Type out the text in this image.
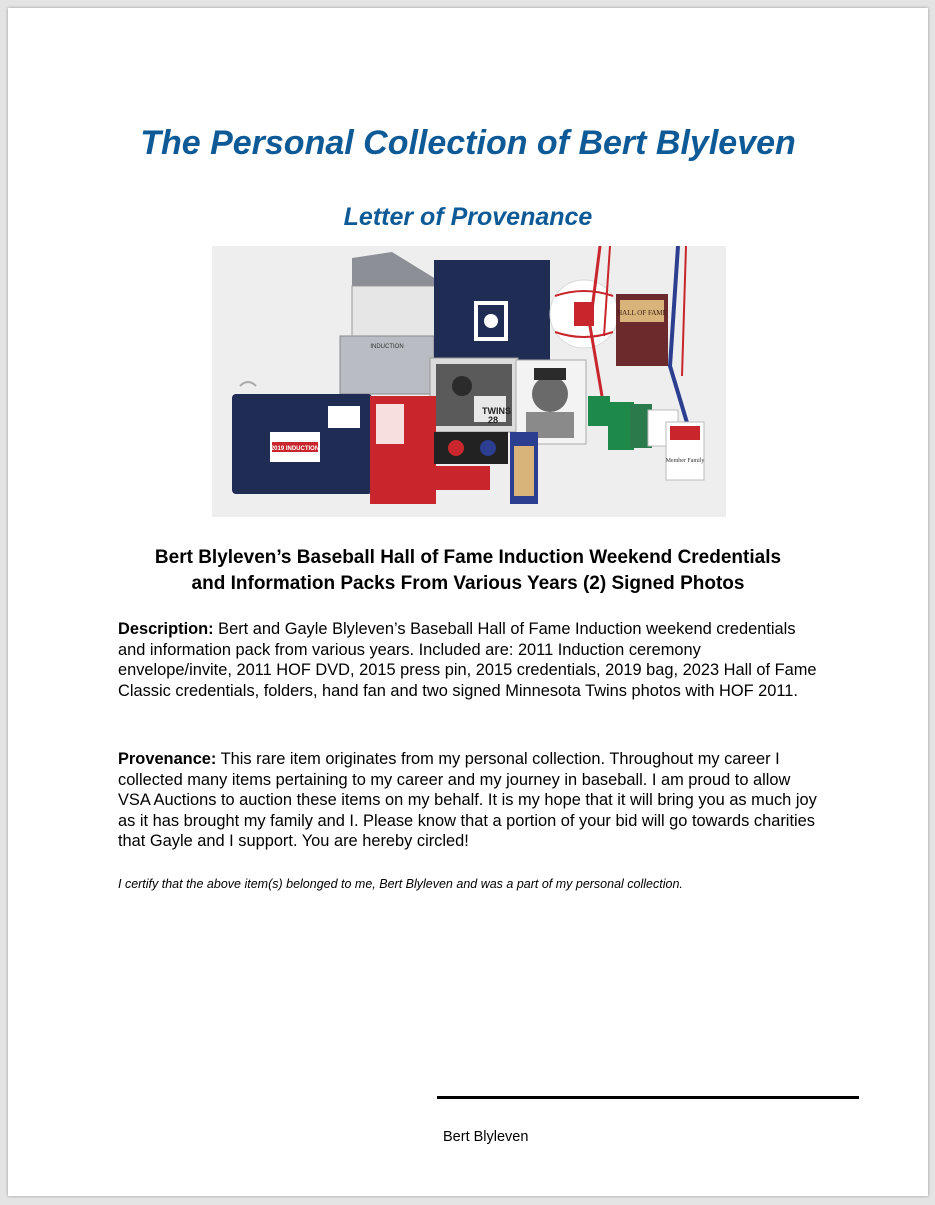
The Personal Collection of Bert Blyleven
Letter of Provenance
INDUCTION
HALL OF FAME
Member Family
TWINS
28
2019 INDUCTION

Bert Blyleven’s Baseball Hall of Fame Induction Weekend Credentials
and Information Packs From Various Years (2) Signed Photos

Description: Bert and Gayle Blyleven’s Baseball Hall of Fame Induction weekend credentials and information pack from various years. Included are: 2011 Induction ceremony envelope/invite, 2011 HOF DVD, 2015 press pin, 2015 credentials, 2019 bag, 2023 Hall of Fame Classic credentials, folders, hand fan and two signed Minnesota Twins photos with HOF 2011.

Provenance: This rare item originates from my personal collection. Throughout my career I collected many items pertaining to my career and my journey in baseball. I am proud to allow VSA Auctions to auction these items on my behalf. It is my hope that it will bring you as much joy as it has brought my family and I. Please know that a portion of your bid will go towards charities that Gayle and I support. You are hereby circled!

I certify that the above item(s) belonged to me, Bert Blyleven and was a part of my personal collection.

Bert Blyleven
